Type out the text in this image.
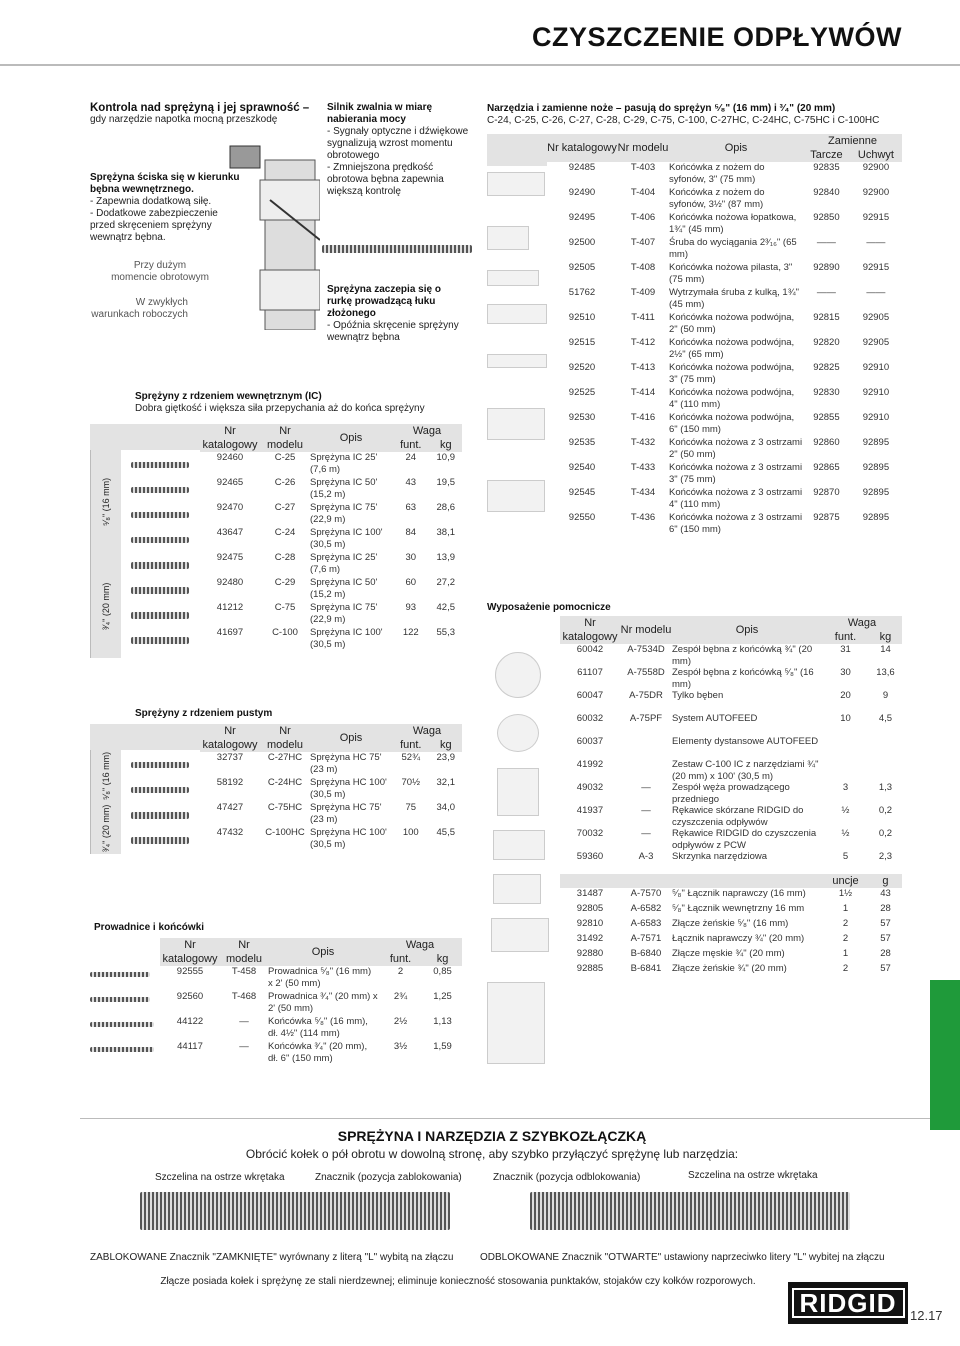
CZYSZCZENIE ODPŁYWÓW
Kontrola nad sprężyną i jej sprawność –
gdy narzędzie napotka mocną przeszkodę
Sprężyna ściska się w kierunku bębna wewnętrznego.
- Zapewnia dodatkową siłę.
- Dodatkowe zabezpieczenie przed skręceniem sprężyny wewnątrz bębna.
Przy dużym momencie obrotowym
W zwykłych warunkach roboczych
Silnik zwalnia w miarę nabierania mocy
- Sygnały optyczne i dźwiękowe sygnalizują wzrost momentu obrotowego
- Zmniejszona prędkość obrotowa bębna zapewnia większą kontrolę
Sprężyna zaczepia się o rurkę prowadzącą łuku złożonego
- Opóźnia skręcenie sprężyny wewnątrz bębna
Sprężyny z rdzeniem wewnętrznym (IC)
Dobra giętkość i większa siła przepychania aż do końca sprężyny
⁵⁄₈" (16 mm)
³⁄₄" (20 mm)
Nr katalogowy	Nr modelu	Opis	Waga	
			funt.	kg
92460	C-25	Sprężyna IC 25' (7,6 m)	24	10,9
92465	C-26	Sprężyna IC 50' (15,2 m)	43	19,5
92470	C-27	Sprężyna IC 75' (22,9 m)	63	28,6
43647	C-24	Sprężyna IC 100' (30,5 m)	84	38,1
92475	C-28	Sprężyna IC 25' (7,6 m)	30	13,9
92480	C-29	Sprężyna IC 50' (15,2 m)	60	27,2
41212	C-75	Sprężyna IC 75' (22,9 m)	93	42,5
41697	C-100	Sprężyna IC 100' (30,5 m)	122	55,3
Sprężyny z rdzeniem pustym
⁵⁄₈" (16 mm)
³⁄₄" (20 mm)
Nr katalogowy	Nr modelu	Opis	Waga	
			funt.	kg
32737	C-27HC	Sprężyna HC 75' (23 m)	52¾	23,9
58192	C-24HC	Sprężyna HC 100' (30,5 m)	70½	32,1
47427	C-75HC	Sprężyna HC 75' (23 m)	75	34,0
47432	C-100HC	Sprężyna HC 100' (30,5 m)	100	45,5
Prowadnice i końcówki
Nr katalogowy	Nr modelu	Opis	Waga	
			funt.	kg
92555	T-458	Prowadnica ⁵⁄₈" (16 mm) x 2' (50 mm)	2	0,85
92560	T-468	Prowadnica ³⁄₄" (20 mm) x 2' (50 mm)	2¾	1,25
44122	—	Końcówka ⁵⁄₈" (16 mm), dł. 4½" (114 mm)	2½	1,13
44117	—	Końcówka ³⁄₄" (20 mm), dł. 6" (150 mm)	3½	1,59
Narzędzia i zamienne noże – pasują do sprężyn ⁵⁄₈" (16 mm) i ³⁄₄" (20 mm)
C-24, C-25, C-26, C-27, C-28, C-29, C-75, C-100, C-27HC, C-24HC, C-75HC i C-100HC
Nr katalogowy	Nr modelu	Opis	Zamienne	
			Tarcze	Uchwyt
92485	T-403	Końcówka z nożem do syfonów, 3" (75 mm)	92835	92900
92490	T-404	Końcówka z nożem do syfonów, 3½" (87 mm)	92840	92900
92495	T-406	Końcówka nożowa łopatkowa, 1¾" (45 mm)	92850	92915
92500	T-407	Śruba do wyciągania 2³⁄₁₆" (65 mm)	——	——
92505	T-408	Końcówka nożowa pilasta, 3" (75 mm)	92890	92915
51762	T-409	Wytrzymała śruba z kulką, 1¾" (45 mm)	——	——
92510	T-411	Końcówka nożowa podwójna, 2" (50 mm)	92815	92905
92515	T-412	Końcówka nożowa podwójna, 2½" (65 mm)	92820	92905
92520	T-413	Końcówka nożowa podwójna, 3" (75 mm)	92825	92910
92525	T-414	Końcówka nożowa podwójna, 4" (110 mm)	92830	92910
92530	T-416	Końcówka nożowa podwójna, 6" (150 mm)	92855	92910
92535	T-432	Końcówka nożowa z 3 ostrzami 2" (50 mm)	92860	92895
92540	T-433	Końcówka nożowa z 3 ostrzami 3" (75 mm)	92865	92895
92545	T-434	Końcówka nożowa z 3 ostrzami 4" (110 mm)	92870	92895
92550	T-436	Końcówka nożowa z 3 ostrzami 6" (150 mm)	92875	92895
Wyposażenie pomocnicze
Nr katalogowy	Nr modelu	Opis	Waga	
			funt.	kg
60042	A-7534D	Zespół bębna z końcówką ¾" (20 mm)	31	14
61107	A-7558D	Zespół bębna z końcówką ⁵⁄₈" (16 mm)	30	13,6
60047	A-75DR	Tylko bęben	20	9
60032	A-75PF	System AUTOFEED	10	4,5
60037		Elementy dystansowe AUTOFEED		
41992		Zestaw C-100 IC z narzędziami ¾" (20 mm) x 100' (30,5 m)		
49032	—	Zespół węża prowadzącego przedniego	3	1,3
41937	—	Rękawice skórzane RIDGID do czyszczenia odpływów	½	0,2
70032	—	Rękawice RIDGID do czyszczenia odpływów z PCW	½	0,2
59360	A-3	Skrzynka narzędziowa	5	2,3
			uncje	g
31487	A-7570	⁵⁄₈" Łącznik naprawczy (16 mm)	1½	43
92805	A-6582	⁵⁄₈" Łącznik wewnętrzny 16 mm	1	28
92810	A-6583	Złącze żeńskie ⁵⁄₈" (16 mm)	2	57
31492	A-7571	Łącznik naprawczy ¾" (20 mm)	2	57
92880	B-6840	Złącze męskie ¾" (20 mm)	1	28
92885	B-6841	Złącze żeńskie ¾" (20 mm)	2	57
SPRĘŻYNA I NARZĘDZIA Z SZYBKOZŁĄCZKĄ
Obrócić kołek o pół obrotu w dowolną stronę, aby szybko przyłączyć sprężynę lub narzędzia:
Szczelina na ostrze wkrętaka	Znacznik (pozycja zablokowania)	Znacznik (pozycja odblokowania)	Szczelina na ostrze wkrętaka
ZABLOKOWANE Znacznik "ZAMKNIĘTE" wyrównany z literą "L" wybitą na złączu	ODBLOKOWANE Znacznik "OTWARTE" ustawiony naprzeciwko litery "L" wybitej na złączu
Złącze posiada kołek i sprężynę ze stali nierdzewnej; eliminuje konieczność stosowania punktaków, stojaków czy kołków rozporowych.
RIDGID	12.17
